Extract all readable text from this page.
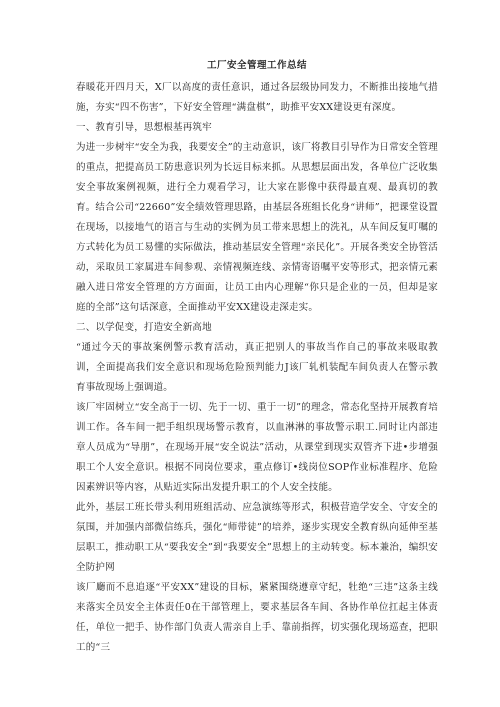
工厂安全管理工作总结

春暖花开四月天，X厂以高度的责任意识，通过各层级协同发力，不断推出接地气措施，夯实“四不伤害”，下好安全管理“满盘棋”，助推平安XX建设更有深度。

一、教育引导，思想根基再筑牢

为进一步树牢“安全为我，我要安全”的主动意识，该厂将教目引导作为日常安全管理的重点，把提高员工防患意识列为长远目标来抓。从思想层面出发，各单位广泛收集安全事故案例视频，进行全力观看学习，让大家在影像中获得最直观、最真切的教育。结合公司“22660”安全绩效管理思路，由基层各班组长化身“讲师”，把课堂设置在现场，以接地气的语言与生动的实例为员工带来思想上的洗礼，从车间反复叮嘱的方式转化为员工易懂的实际做法，推动基层安全管理“亲民化”。开展各类安全协管活动，采取员工家属进车间参观、亲情视频连线、亲情寄语嘱平安等形式，把亲情元素融入进日常安全管理的方方面面，让员工由内心理解“你只是企业的一员，但却是家庭的全部”这句话深意，全面推动平安XX建设走深走实。

二、以学促变，打造安全新高地

“通过今天的事故案例警示教育活动，真正把别人的事故当作自己的事故来吸取教训，全面提高我们安全意识和现场危险预判能力J该厂轧机装配车间负责人在警示教育事故现场上强调道。

该厂牢固树立“安全高于一切、先于一切、重于一切”的理念，常态化坚持开展教育培训工作。各车间一把手组织现场警示教育，以血淋淋的事故警示职工.同时让内部违章人员成为“导朋”，在现场开展“安全说法”活动，从课堂到现实双管齐下进•步增强职工个人安全意识。根据不同岗位要求，重点修订•线岗位SOP作业标准程序、危险因素辨识等内容，从贴近实际出发提升职工的个人安全技能。

此外，基层工班长带头利用班组活动、应急演练等形式，积极营造学安全、守安全的氛围，并加强内部微信练兵，强化“师带徒”的培养，逐步实现安全教育纵向延伸至基层职工，推动职工从“要我安全”到“我要安全”思想上的主动转变。标本兼治，编织安全防护网

该厂廳而不息追逐“平安XX”建设的目标，紧紧围绕遵章守纪，牡绝“三违”这条主线来落实全员安全主体责任0在干部管理上，要求基层各车间、各协作单位扛起主体责任，单位一把手、协作部门负责人需亲自上手、靠前指挥，切实强化现场巡查，把职工的“三
